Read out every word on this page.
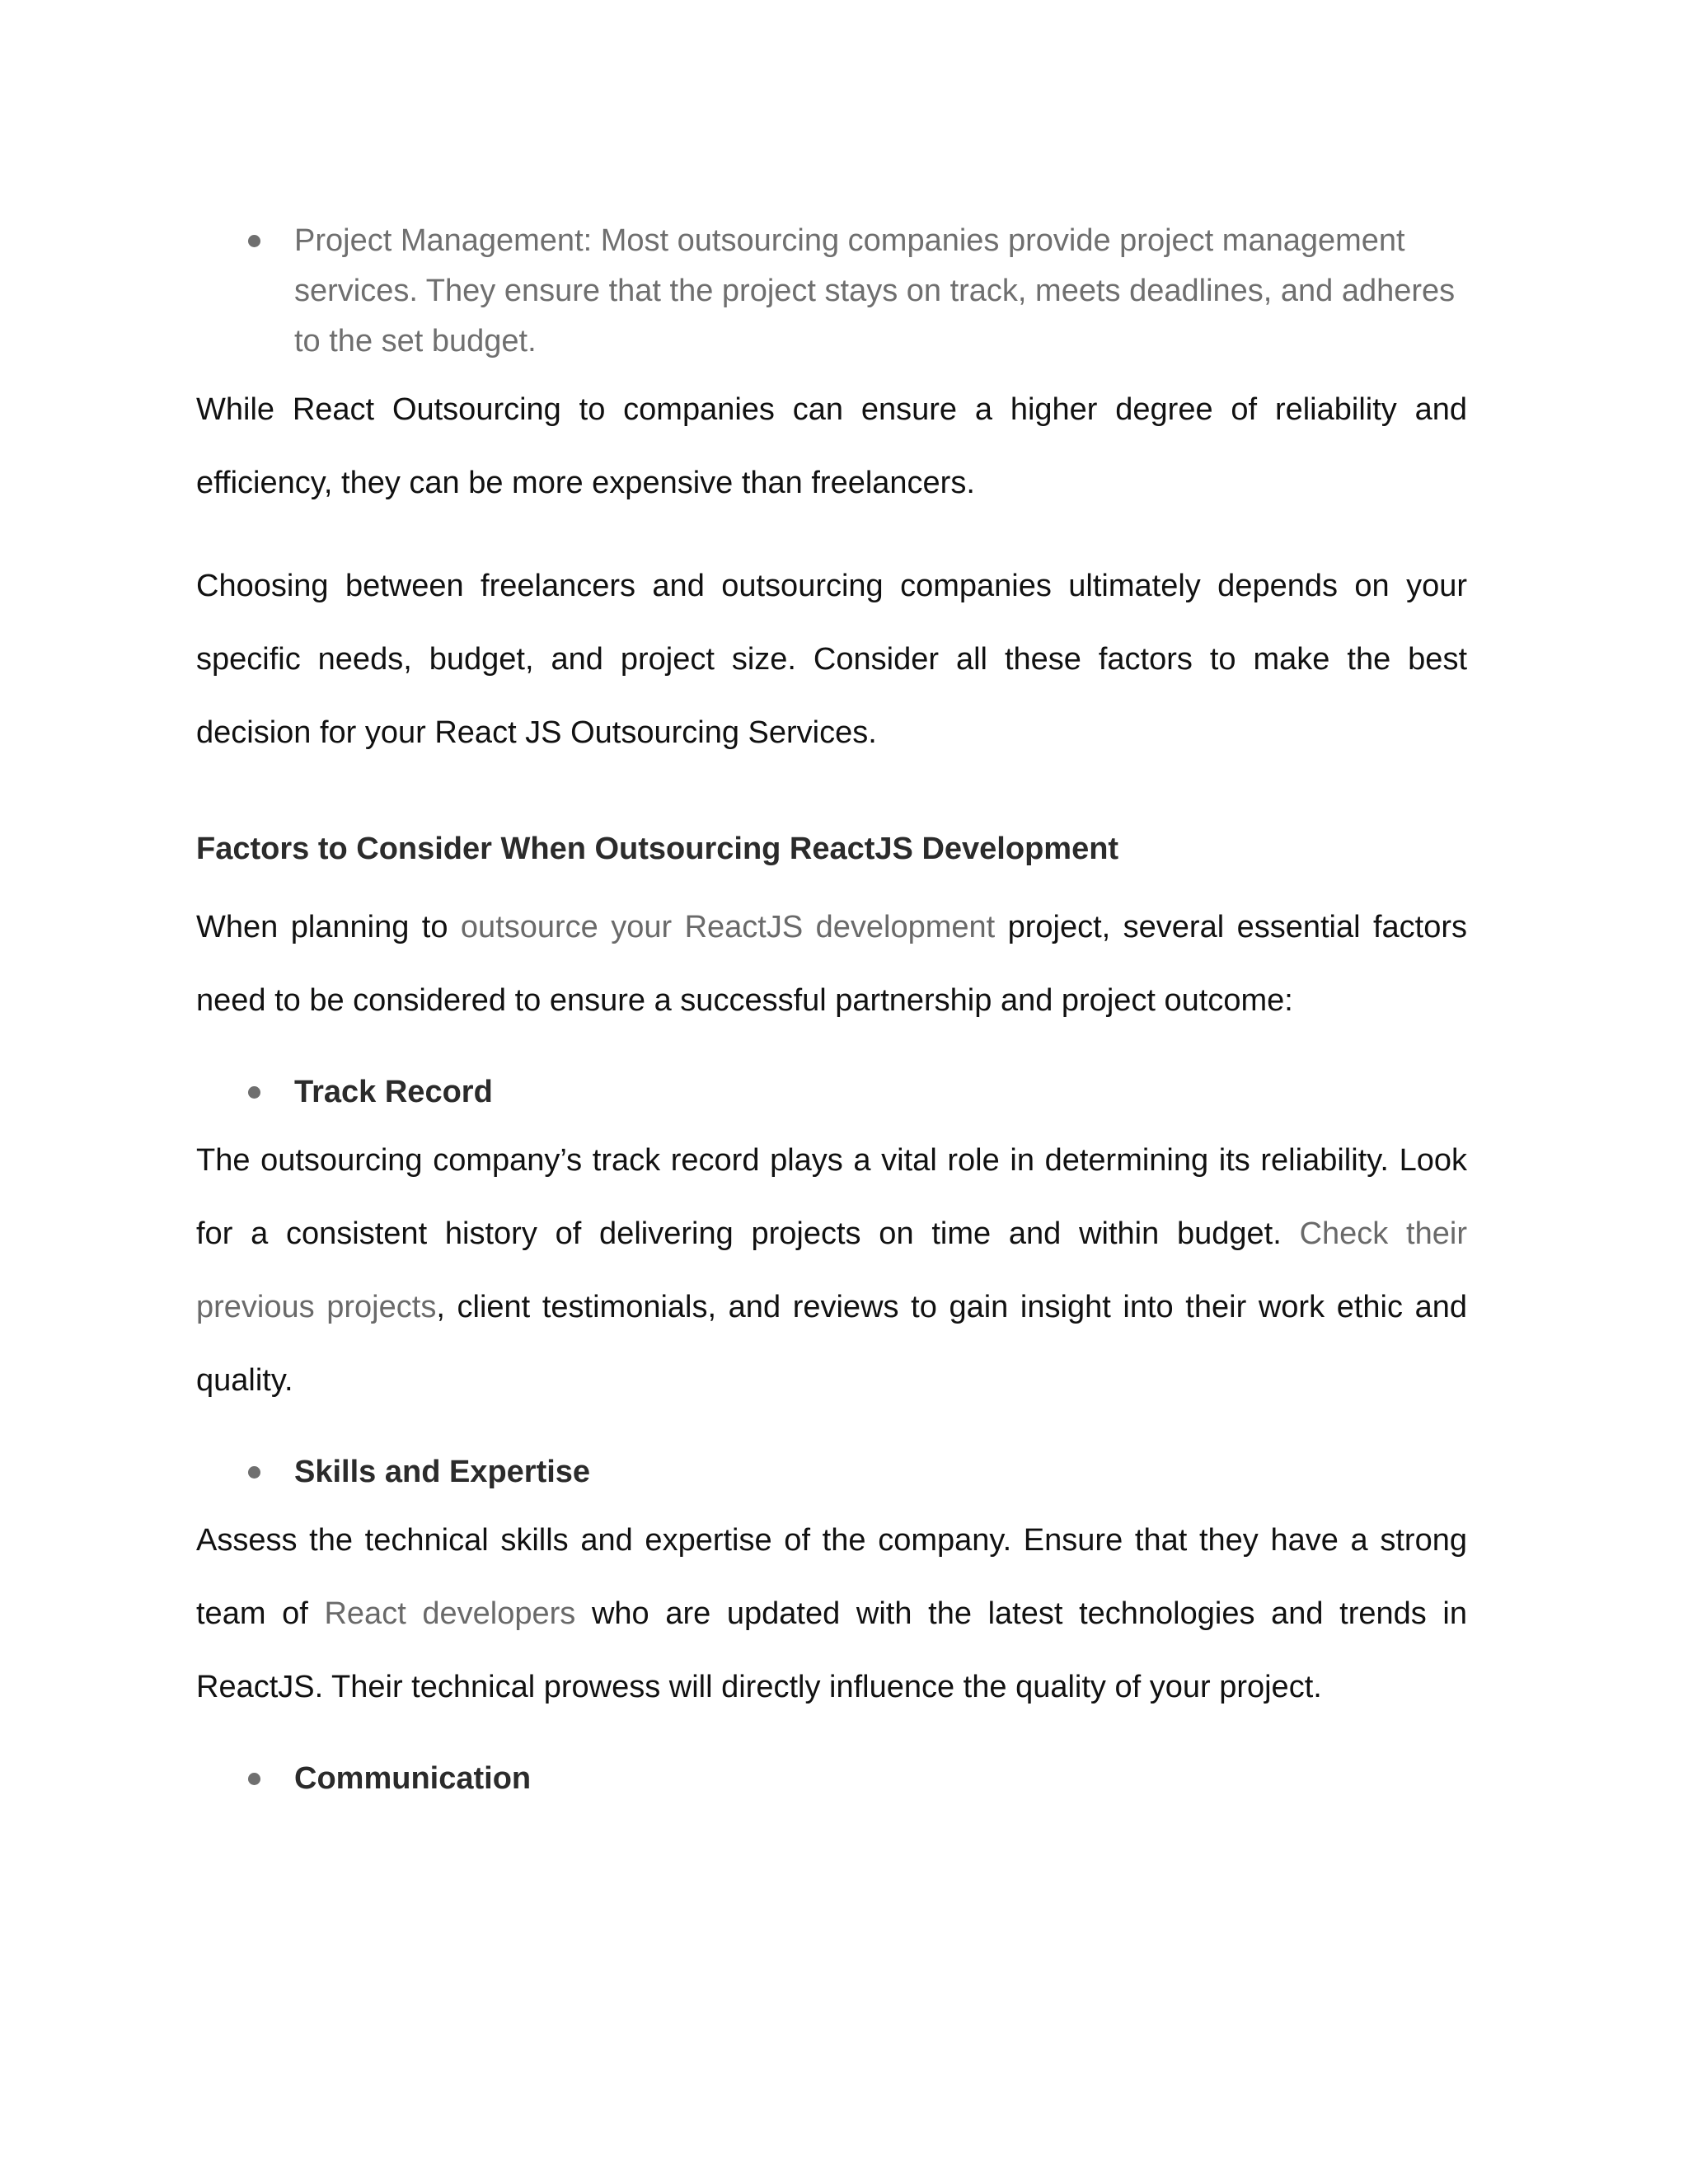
Project Management: Most outsourcing companies provide project management services. They ensure that the project stays on track, meets deadlines, and adheres to the set budget.

While React Outsourcing to companies can ensure a higher degree of reliability and efficiency, they can be more expensive than freelancers.

Choosing between freelancers and outsourcing companies ultimately depends on your specific needs, budget, and project size. Consider all these factors to make the best decision for your React JS Outsourcing Services.

Factors to Consider When Outsourcing ReactJS Development

When planning to outsource your ReactJS development project, several essential factors need to be considered to ensure a successful partnership and project outcome:

Track Record

The outsourcing company’s track record plays a vital role in determining its reliability. Look for a consistent history of delivering projects on time and within budget. Check their previous projects, client testimonials, and reviews to gain insight into their work ethic and quality.

Skills and Expertise

Assess the technical skills and expertise of the company. Ensure that they have a strong team of React developers who are updated with the latest technologies and trends in ReactJS. Their technical prowess will directly influence the quality of your project.

Communication
